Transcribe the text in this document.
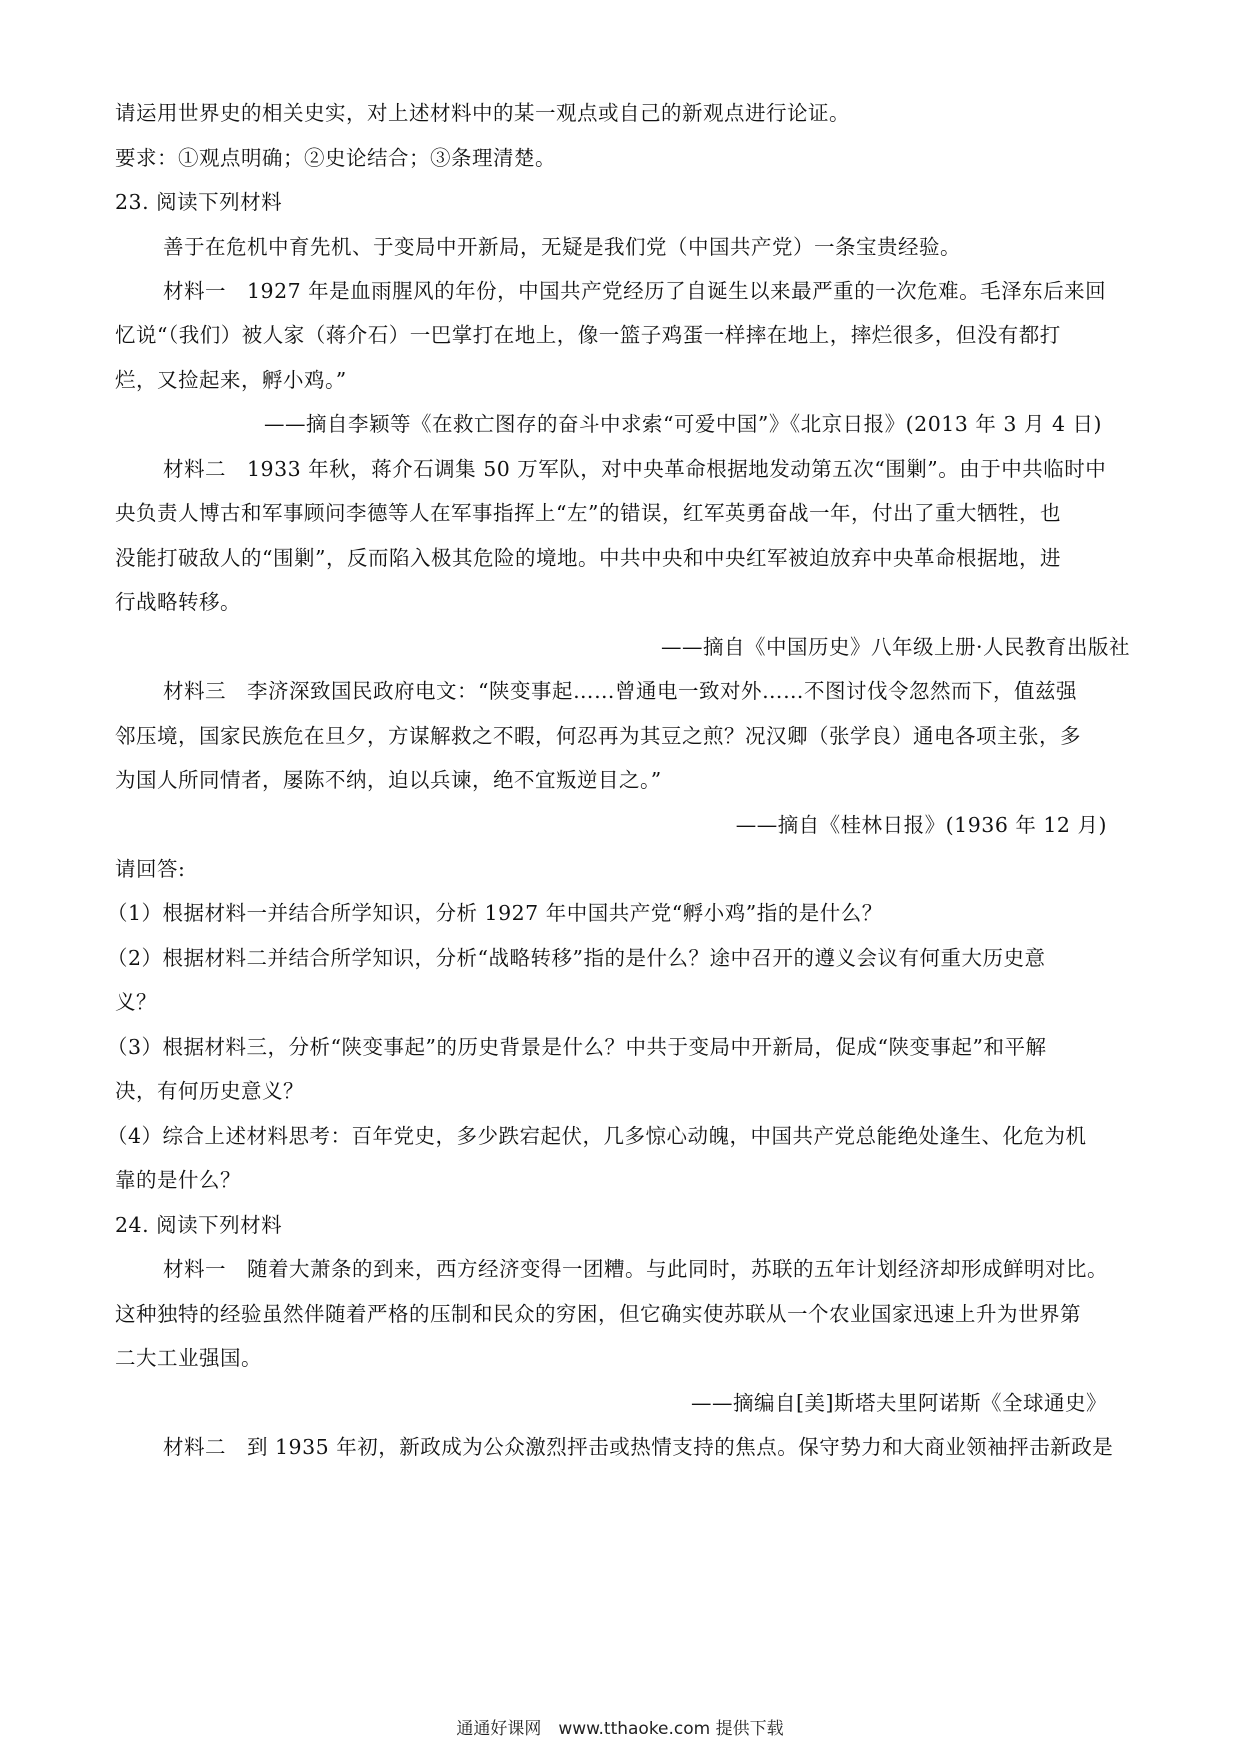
请运用世界史的相关史实，对上述材料中的某一观点或自己的新观点进行论证。
要求：①观点明确；②史论结合；③条理清楚。
23. 阅读下列材料
善于在危机中育先机、于变局中开新局，无疑是我们党（中国共产党）一条宝贵经验。
材料一　1927 年是血雨腥风的年份，中国共产党经历了自诞生以来最严重的一次危难。毛泽东后来回
忆说“（我们）被人家（蒋介石）一巴掌打在地上，像一篮子鸡蛋一样摔在地上，摔烂很多，但没有都打
烂，又捡起来，孵小鸡。”
——摘自李颖等《在救亡图存的奋斗中求索“可爱中国”》《北京日报》(2013 年 3 月 4 日)
材料二　1933 年秋，蒋介石调集 50 万军队，对中央革命根据地发动第五次“围剿”。由于中共临时中
央负责人博古和军事顾问李德等人在军事指挥上“左”的错误，红军英勇奋战一年，付出了重大牺牲，也
没能打破敌人的“围剿”，反而陷入极其危险的境地。中共中央和中央红军被迫放弃中央革命根据地，进
行战略转移。
——摘自《中国历史》八年级上册·人民教育出版社
材料三　李济深致国民政府电文：“陕变事起……曾通电一致对外……不图讨伐令忽然而下，值兹强
邻压境，国家民族危在旦夕，方谋解救之不暇，何忍再为其豆之煎？况汉卿（张学良）通电各项主张，多
为国人所同情者，屡陈不纳，迫以兵谏，绝不宜叛逆目之。”
——摘自《桂林日报》(1936 年 12 月)
请回答:
（1）根据材料一并结合所学知识，分析 1927 年中国共产党“孵小鸡”指的是什么？
（2）根据材料二并结合所学知识，分析“战略转移”指的是什么？途中召开的遵义会议有何重大历史意
义？
（3）根据材料三，分析“陕变事起”的历史背景是什么？中共于变局中开新局，促成“陕变事起”和平解
决，有何历史意义？
（4）综合上述材料思考：百年党史，多少跌宕起伏，几多惊心动魄，中国共产党总能绝处逢生、化危为机
靠的是什么？
24. 阅读下列材料
材料一　随着大萧条的到来，西方经济变得一团糟。与此同时，苏联的五年计划经济却形成鲜明对比。
这种独特的经验虽然伴随着严格的压制和民众的穷困，但它确实使苏联从一个农业国家迅速上升为世界第
二大工业强国。
——摘编自[美]斯塔夫里阿诺斯《全球通史》
材料二　到 1935 年初，新政成为公众激烈抨击或热情支持的焦点。保守势力和大商业领袖抨击新政是
通通好课网　www.tthaoke.com 提供下载
